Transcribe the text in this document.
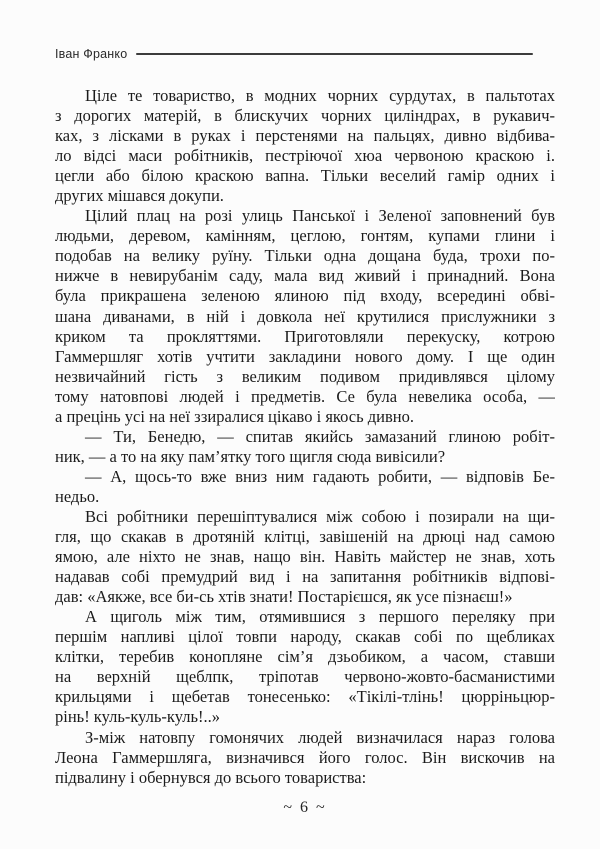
Іван Франко
Ціле те товариство, в модних чорних сурдутах, в пальтотах
з дорогих матерій, в блискучих чорних циліндрах, в рукавич-
ках, з лісками в руках і перстенями на пальцях, дивно відбива-
ло відсі маси робітників, пестріючої хюа червоною краскою і.
цегли або білою краскою вапна. Тільки веселий гамір одних і
других мішався докупи.
Цілий плац на розі улиць Панської і Зеленої заповнений був
людьми, деревом, камінням, цеглою, гонтям, купами глини і
подобав на велику руїну. Тільки одна дощана буда, трохи по-
нижче в невирубанім саду, мала вид живий і принадний. Вона
була прикрашена зеленою ялиною під входу, всередині обві-
шана диванами, в ній і довкола неї крутилися прислужники з
криком та прокляттями. Приготовляли перекуску, котрою
Гаммершляг хотів учтити закладини нового дому. І ще один
незвичайний гість з великим подивом придивлявся цілому
тому натовпові людей і предметів. Се була невелика особа, —
а прецінь усі на неї ззиралися цікаво і якось дивно.
— Ти, Бенедю, — спитав якийсь замазаний глиною робіт-
ник, — а то на яку пам’ятку того щигля сюда вивісили?
— А, щось-то вже вниз ним гадають робити, — відповів Бе-
недьо.
Всі робітники перешіптувалися між собою і позирали на щи-
гля, що скакав в дротяній клітці, завішеній на дрюці над самою
ямою, але ніхто не знав, нащо він. Навіть майстер не знав, хоть
надавав собі премудрий вид і на запитання робітників відпові-
дав: «Аякже, все би-сь хтів знати! Постарієшся, як усе пізнаєш!»
А щиголь між тим, отямившися з першого переляку при
першім напливі цілої товпи народу, скакав собі по щебликах
клітки, теребив конопляне сім’я дзьобиком, а часом, ставши
на верхній щеблпк, тріпотав червоно-жовто-басманистими
крильцями і щебетав тонесенько: «Тікілі-тлінь! цюрріньцюр-
рінь! куль-куль-куль!..»
З-між натовпу гомонячих людей визначилася нараз голова
Леона Гаммершляга, визначився його голос. Він вискочив на
підвалину і обернувся до всього товариства:
~ 6 ~
